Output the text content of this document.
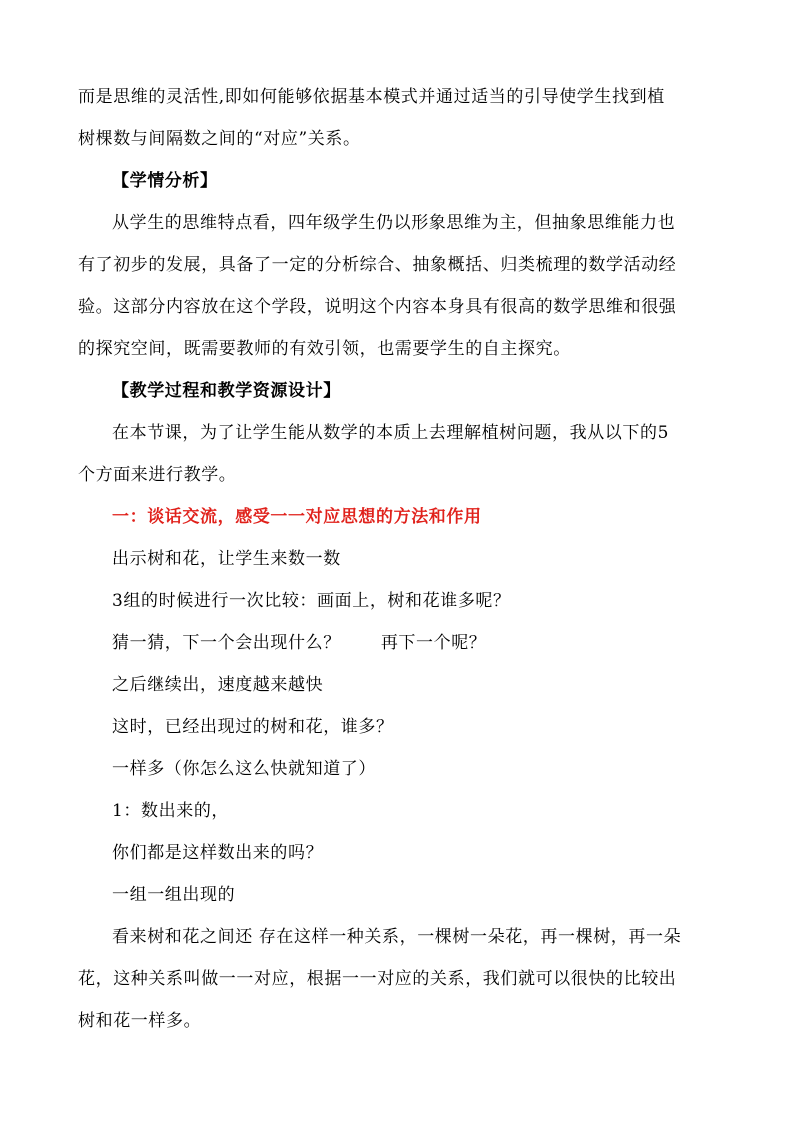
而是思维的灵活性,即如何能够依据基本模式并通过适当的引导使学生找到植
树棵数与间隔数之间的“对应”关系。
【学情分析】
从学生的思维特点看，四年级学生仍以形象思维为主，但抽象思维能力也
有了初步的发展，具备了一定的分析综合、抽象概括、归类梳理的数学活动经
验。这部分内容放在这个学段，说明这个内容本身具有很高的数学思维和很强
的探究空间，既需要教师的有效引领，也需要学生的自主探究。
【教学过程和教学资源设计】
在本节课，为了让学生能从数学的本质上去理解植树问题，我从以下的5
个方面来进行教学。
一：谈话交流，感受一一对应思想的方法和作用
出示树和花，让学生来数一数
3组的时候进行一次比较：画面上，树和花谁多呢？
猜一猜，下一个会出现什么？ 再下一个呢？
之后继续出，速度越来越快
这时，已经出现过的树和花，谁多？
一样多（你怎么这么快就知道了）
1：数出来的，
你们都是这样数出来的吗？
一组一组出现的
看来树和花之间还 存在这样一种关系，一棵树一朵花，再一棵树，再一朵
花，这种关系叫做一一对应，根据一一对应的关系，我们就可以很快的比较出
树和花一样多。
